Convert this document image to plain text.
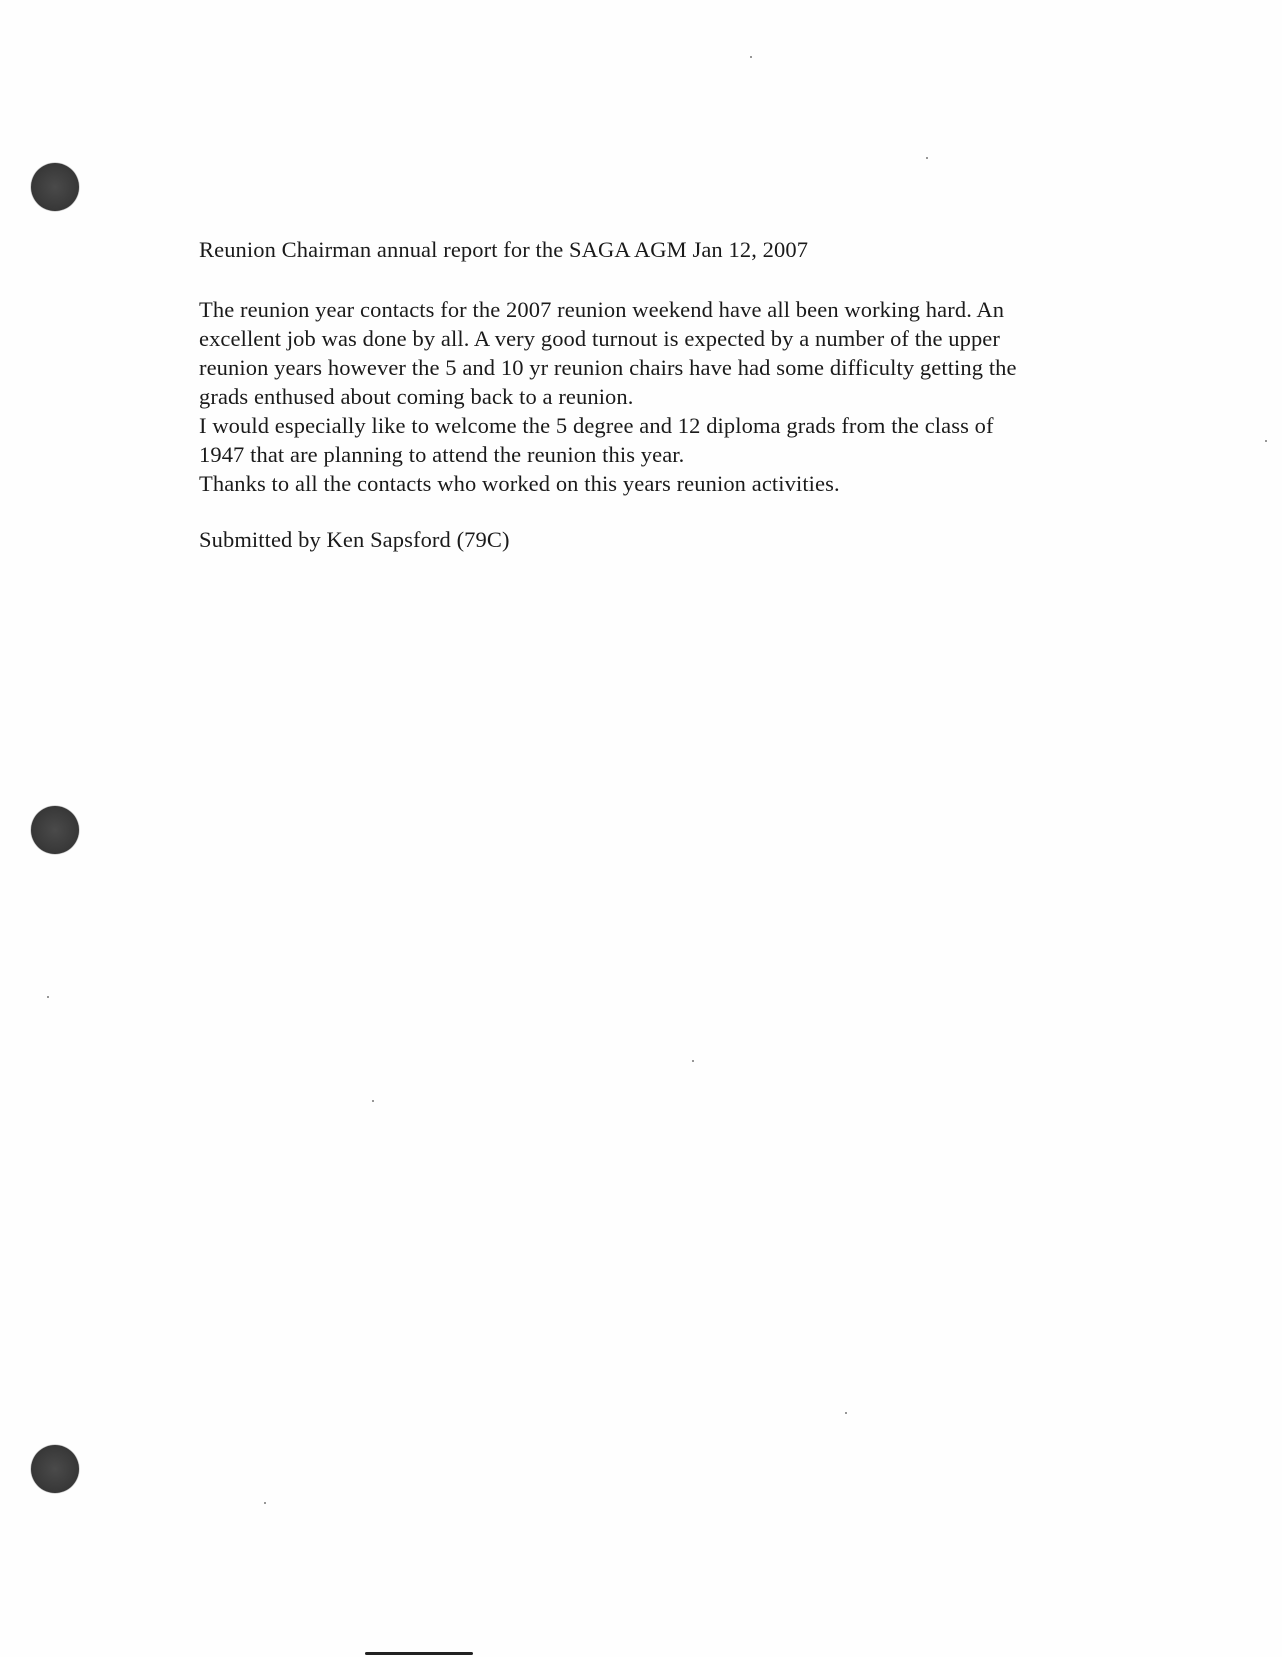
Reunion Chairman annual report for the SAGA AGM Jan 12, 2007

The reunion year contacts for the 2007 reunion weekend have all been working hard. An

excellent job was done by all. A very good turnout is expected by a number of the upper

reunion years however the 5 and 10 yr reunion chairs have had some difficulty getting the

grads enthused about coming back to a reunion.

I would especially like to welcome the 5 degree and 12 diploma grads from the class of

1947 that are planning to attend the reunion this year.

Thanks to all the contacts who worked on this years reunion activities.

Submitted by Ken Sapsford (79C)
